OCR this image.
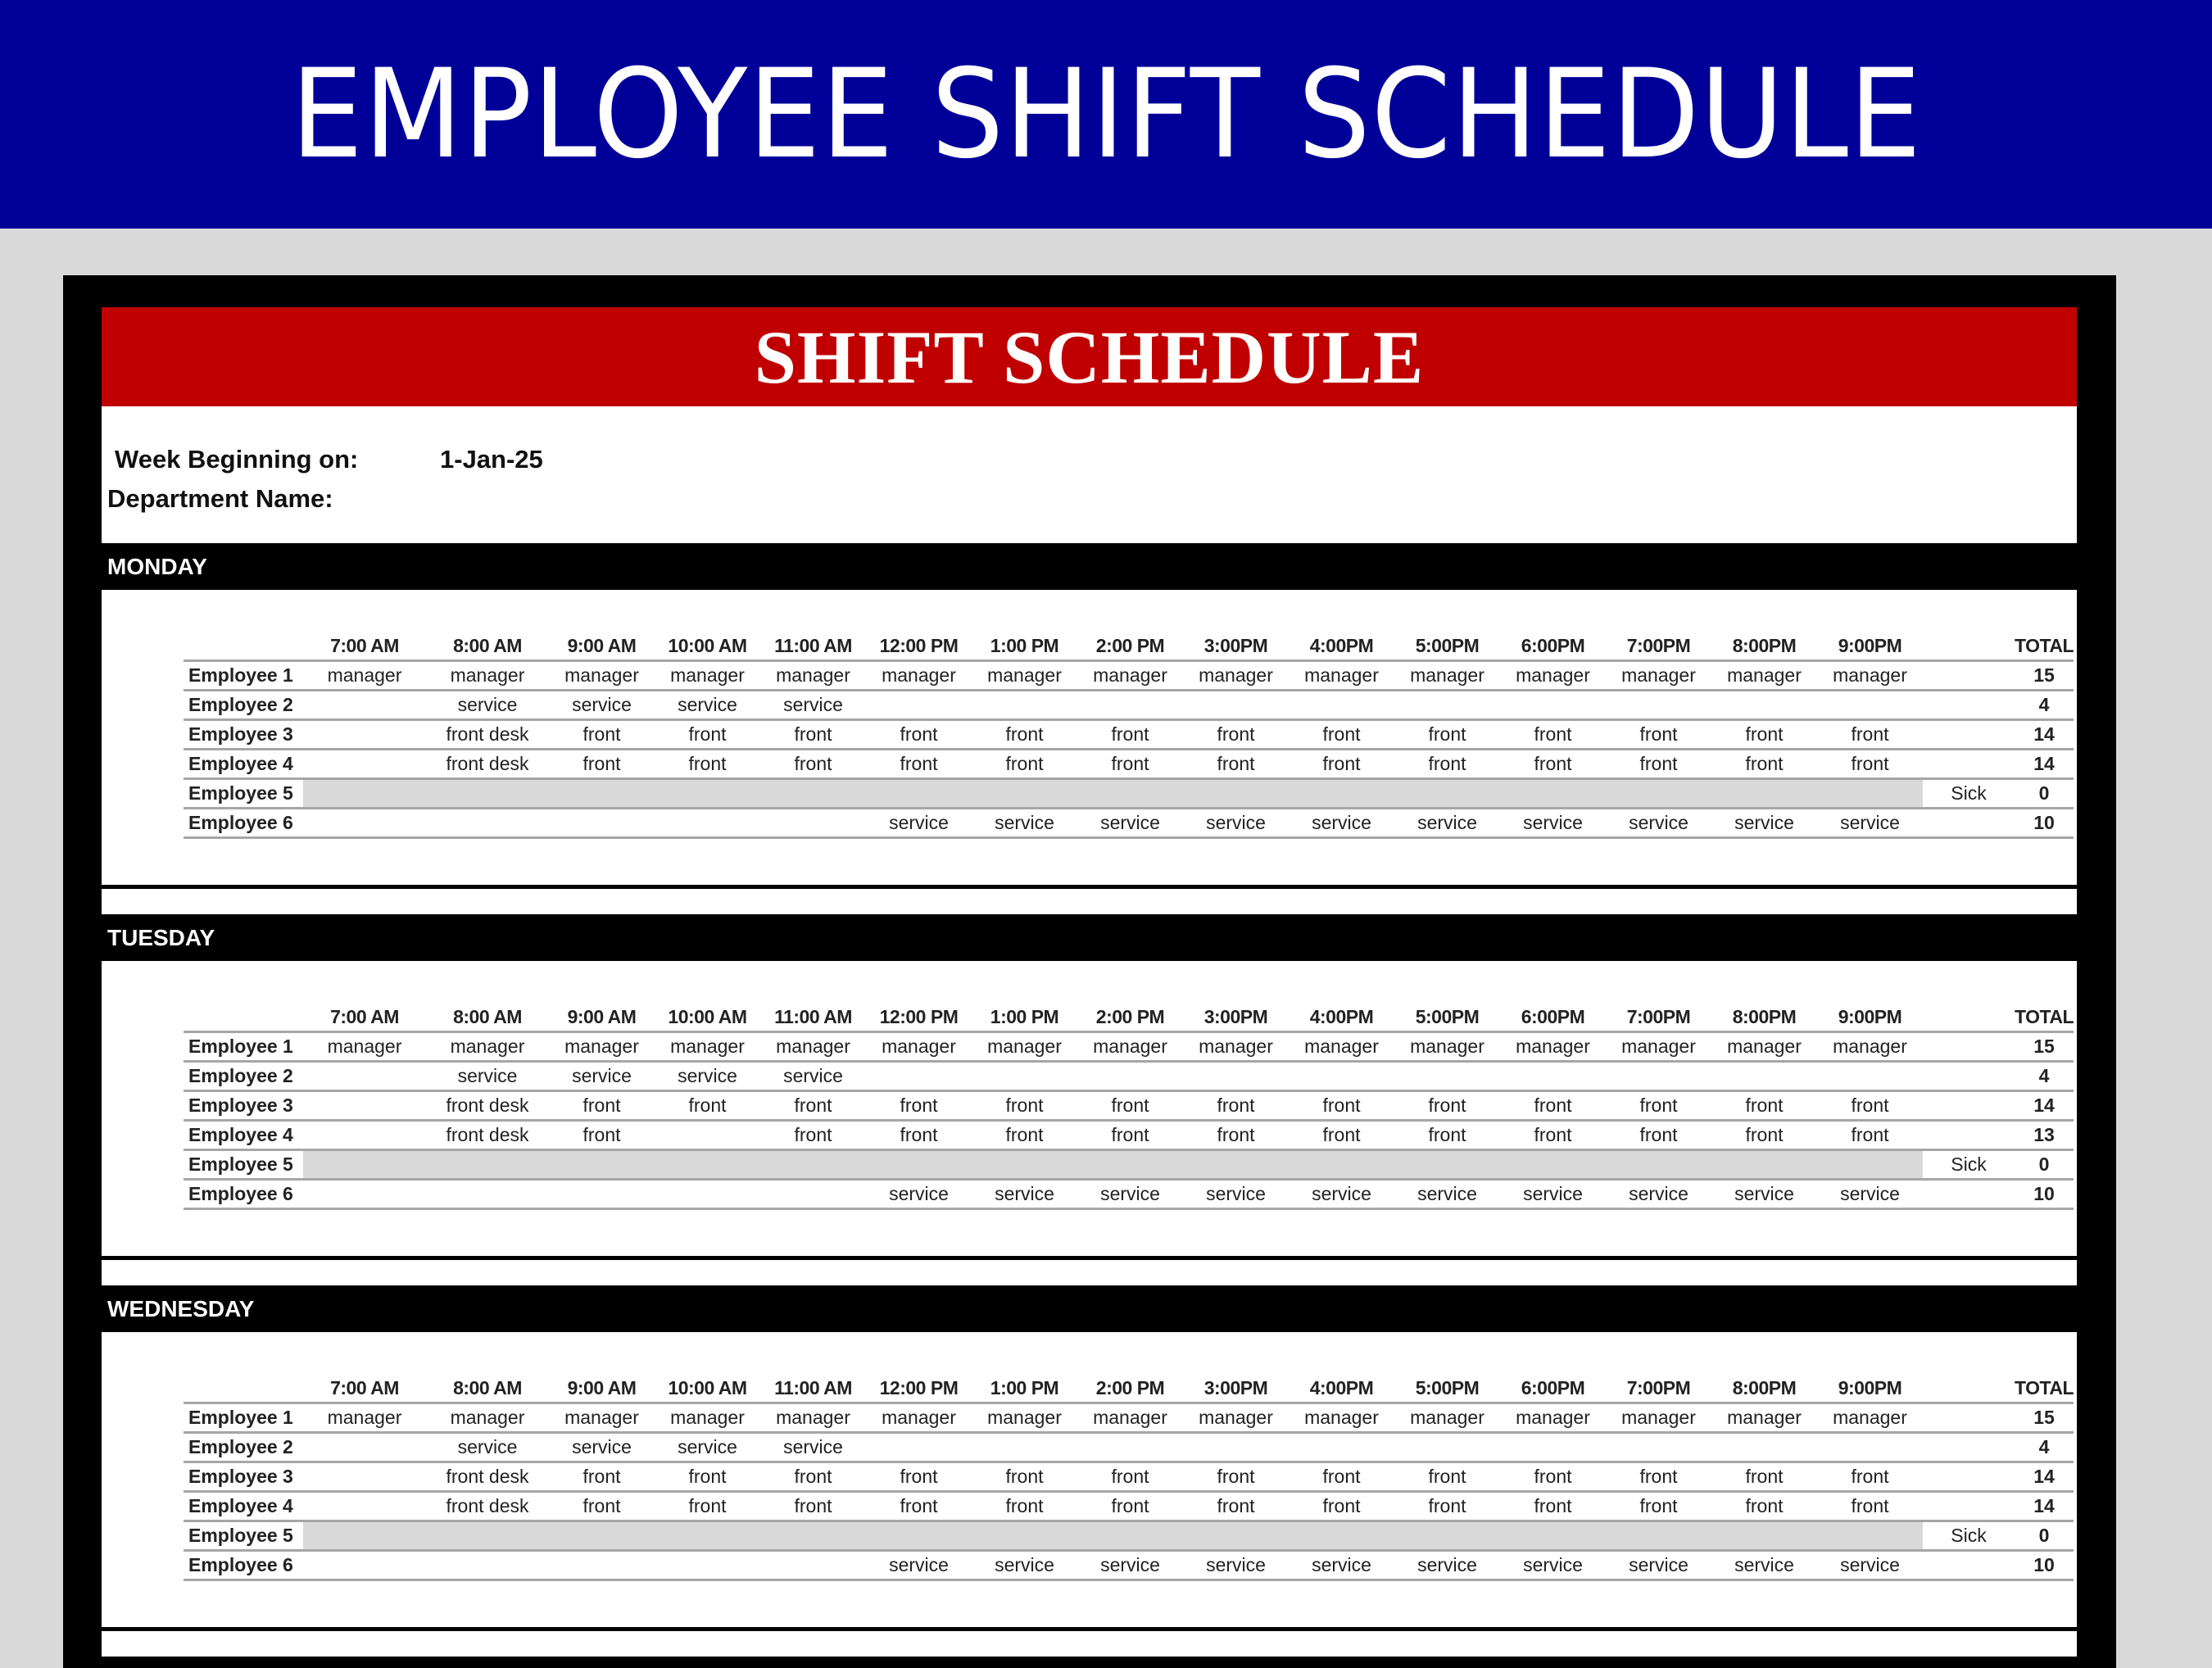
EMPLOYEE SHIFT SCHEDULE
SHIFT SCHEDULE
Week Beginning on:	1-Jan-25
Department Name:
MONDAY
	7:00 AM	8:00 AM	9:00 AM	10:00 AM	11:00 AM	12:00 PM	1:00 PM	2:00 PM	3:00PM	4:00PM	5:00PM	6:00PM	7:00PM	8:00PM	9:00PM		TOTAL
Employee 1	manager	manager	manager	manager	manager	manager	manager	manager	manager	manager	manager	manager	manager	manager	manager		15
Employee 2		service	service	service	service												4
Employee 3		front desk	front	front	front	front	front	front	front	front	front	front	front	front	front		14
Employee 4		front desk	front	front	front	front	front	front	front	front	front	front	front	front	front		14
Employee 5																Sick	0
Employee 6						service	service	service	service	service	service	service	service	service	service		10
TUESDAY
	7:00 AM	8:00 AM	9:00 AM	10:00 AM	11:00 AM	12:00 PM	1:00 PM	2:00 PM	3:00PM	4:00PM	5:00PM	6:00PM	7:00PM	8:00PM	9:00PM		TOTAL
Employee 1	manager	manager	manager	manager	manager	manager	manager	manager	manager	manager	manager	manager	manager	manager	manager		15
Employee 2		service	service	service	service												4
Employee 3		front desk	front	front	front	front	front	front	front	front	front	front	front	front	front		14
Employee 4		front desk	front		front	front	front	front	front	front	front	front	front	front	front		13
Employee 5																Sick	0
Employee 6						service	service	service	service	service	service	service	service	service	service		10
WEDNESDAY
	7:00 AM	8:00 AM	9:00 AM	10:00 AM	11:00 AM	12:00 PM	1:00 PM	2:00 PM	3:00PM	4:00PM	5:00PM	6:00PM	7:00PM	8:00PM	9:00PM		TOTAL
Employee 1	manager	manager	manager	manager	manager	manager	manager	manager	manager	manager	manager	manager	manager	manager	manager		15
Employee 2		service	service	service	service												4
Employee 3		front desk	front	front	front	front	front	front	front	front	front	front	front	front	front		14
Employee 4		front desk	front	front	front	front	front	front	front	front	front	front	front	front	front		14
Employee 5																Sick	0
Employee 6						service	service	service	service	service	service	service	service	service	service		10
